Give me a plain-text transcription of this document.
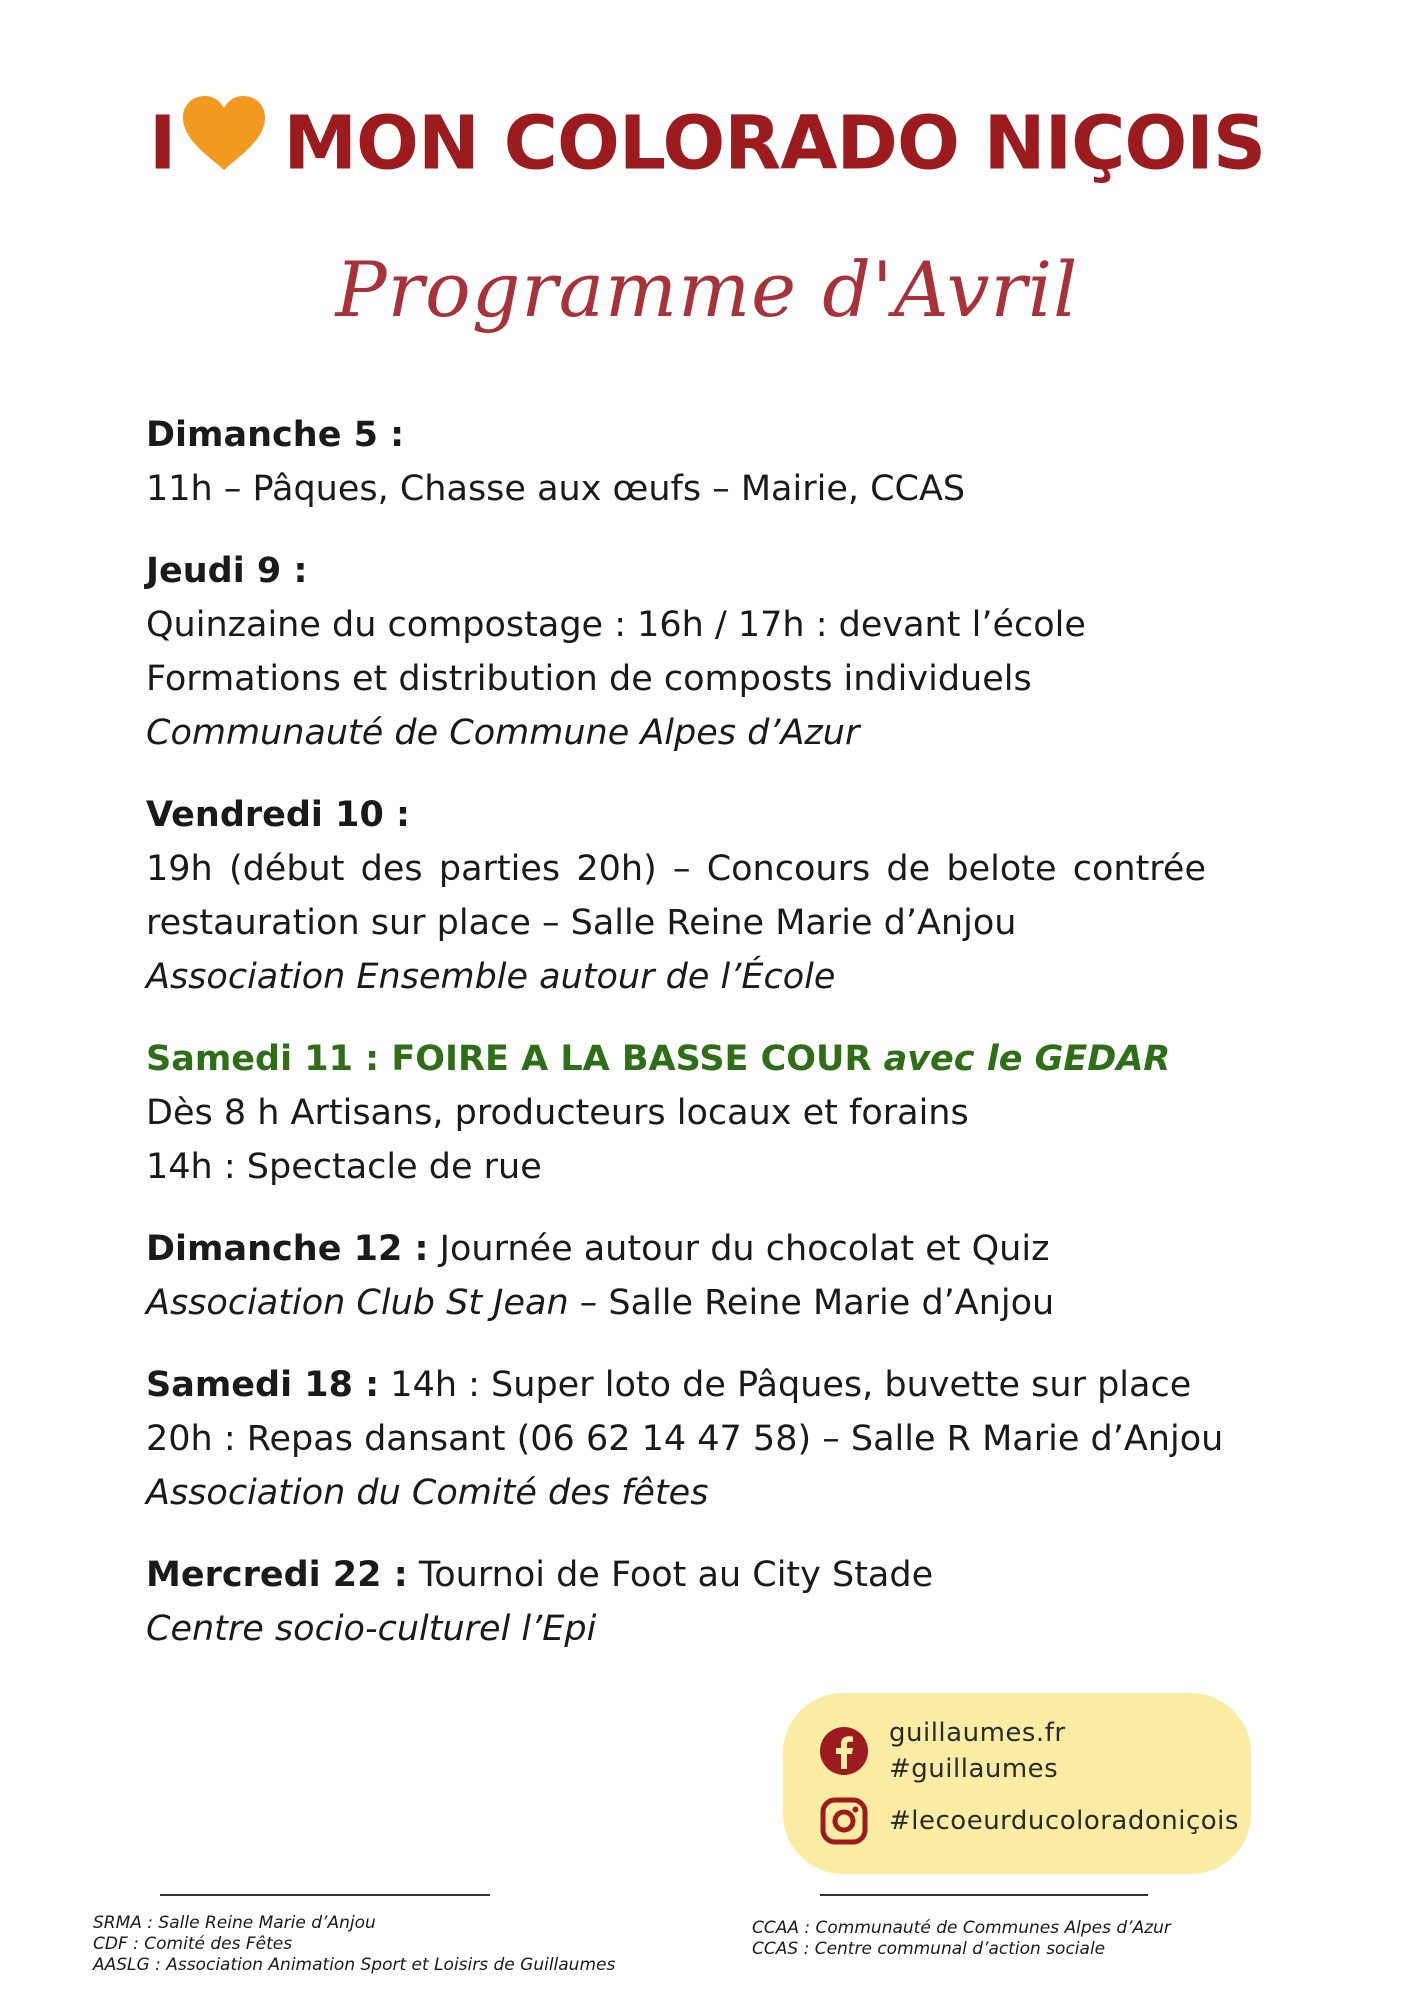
I MON COLORADO NIÇOIS
Programme d'Avril
Dimanche 5 :
11h – Pâques, Chasse aux œufs – Mairie, CCAS
Jeudi 9 :
Quinzaine du compostage : 16h / 17h : devant l’école
Formations et distribution de composts individuels
Communauté de Commune Alpes d’Azur
Vendredi 10 :
19h (début des parties 20h) – Concours de belote contrée
restauration sur place – Salle Reine Marie d’Anjou
Association Ensemble autour de l’École
Samedi 11 : FOIRE A LA BASSE COUR avec le GEDAR
Dès 8 h Artisans, producteurs locaux et forains
14h : Spectacle de rue
Dimanche 12 : Journée autour du chocolat et Quiz
Association Club St Jean – Salle Reine Marie d’Anjou
Samedi 18 : 14h : Super loto de Pâques, buvette sur place
20h : Repas dansant (06 62 14 47 58) – Salle R Marie d’Anjou
Association du Comité des fêtes
Mercredi 22 : Tournoi de Foot au City Stade
Centre socio-culturel l’Epi
guillaumes.fr
#guillaumes
#lecoeurducoloradoniçois
SRMA : Salle Reine Marie d’Anjou
CDF : Comité des Fêtes
AASLG : Association Animation Sport et Loisirs de Guillaumes
CCAA : Communauté de Communes Alpes d’Azur
CCAS : Centre communal d’action sociale
